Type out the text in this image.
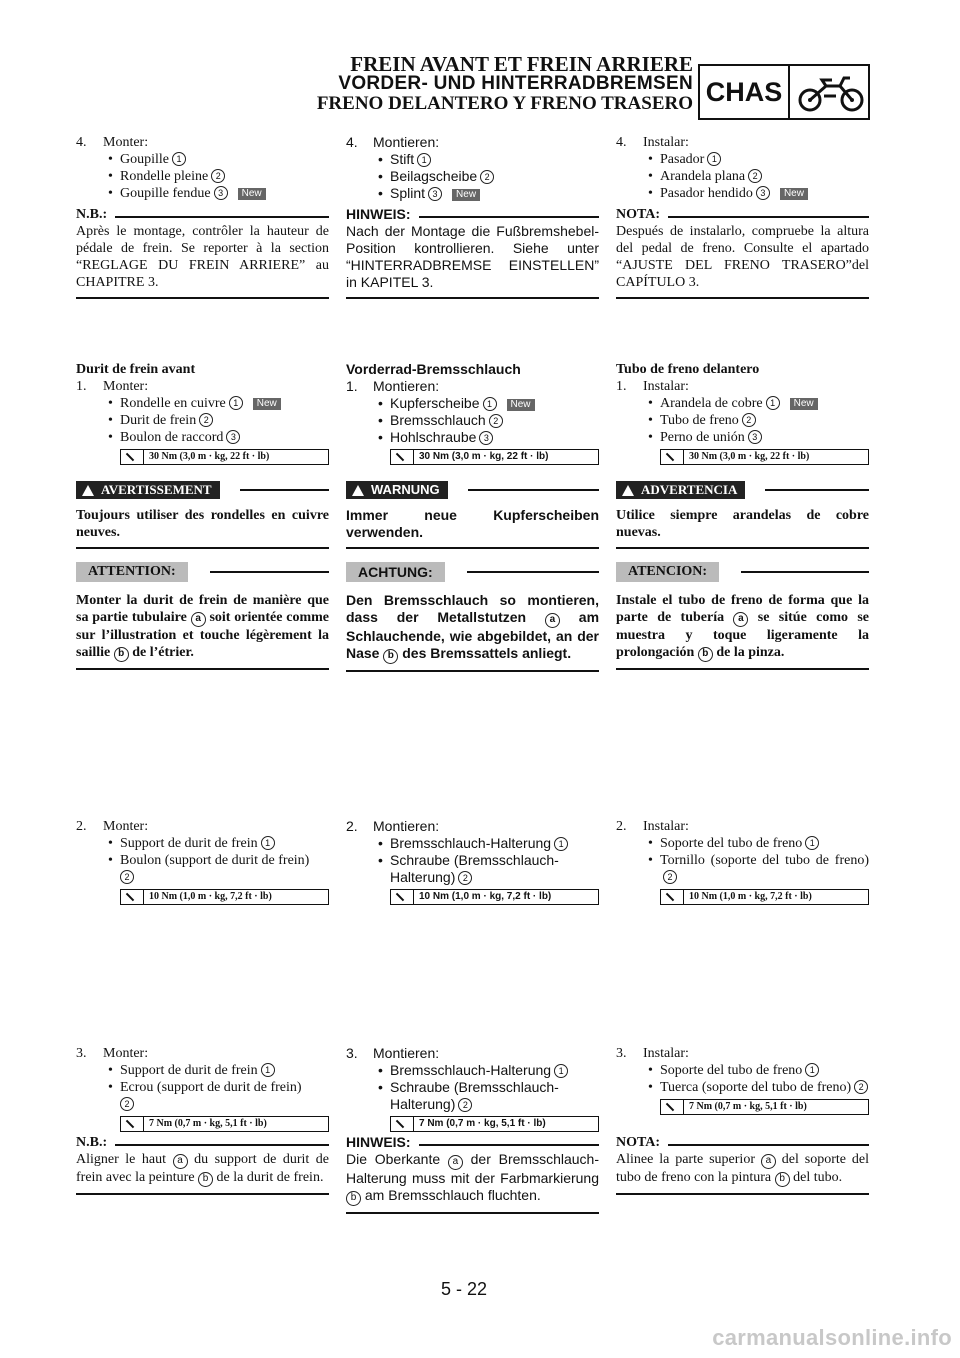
FREIN AVANT ET FREIN ARRIERE
VORDER- UND HINTERRADBREMSEN
FRENO DELANTERO Y FRENO TRASERO CHAS
4. Monter:
• Goupille 1
• Rondelle pleine 2
• Goupille fendue 3 New
N.B.:
Après le montage, contrôler la hauteur de pédale de frein. Se reporter à la section “REGLAGE DU FREIN ARRIERE” au CHAPITRE 3.
Durit de frein avant
1. Monter:
• Rondelle en cuivre 1 New
• Durit de frein 2
• Boulon de raccord 3
30 Nm (3,0 m · kg, 22 ft · lb)
AVERTISSEMENT
Toujours utiliser des rondelles en cuivre neuves.
ATTENTION:
Monter la durit de frein de manière que sa partie tubulaire a soit orientée comme sur l’illustration et touche légèrement la saillie b de l’étrier.
2. Monter:
• Support de durit de frein 1
• Boulon (support de durit de frein)
2
10 Nm (1,0 m · kg, 7,2 ft · lb)
3. Monter:
• Support de durit de frein 1
• Ecrou (support de durit de frein)
2
7 Nm (0,7 m · kg, 5,1 ft · lb)
N.B.:
Aligner le haut a du support de durit de frein avec la peinture b de la durit de frein.
4. Montieren:
• Stift 1
• Beilagscheibe 2
• Splint 3 New
HINWEIS:
Nach der Montage die Fußbremshebel-Position kontrollieren. Siehe unter “HINTERRADBREMSE EINSTELLEN” in KAPITEL 3.
Vorderrad-Bremsschlauch
1. Montieren:
• Kupferscheibe 1 New
• Bremsschlauch 2
• Hohlschraube 3
30 Nm (3,0 m · kg, 22 ft · lb)
WARNUNG
Immer neue Kupferscheiben verwenden.
ACHTUNG:
Den Bremsschlauch so montieren, dass der Metallstutzen a am Schlauchende, wie abgebildet, an der Nase b des Bremssattels anliegt.
2. Montieren:
• Bremsschlauch-Halterung 1
• Schraube (Bremsschlauch-Halterung) 2
10 Nm (1,0 m · kg, 7,2 ft · lb)
3. Montieren:
• Bremsschlauch-Halterung 1
• Schraube (Bremsschlauch-Halterung) 2
7 Nm (0,7 m · kg, 5,1 ft · lb)
HINWEIS:
Die Oberkante a der Bremsschlauch-Halterung muss mit der Farbmarkierung b am Bremsschlauch fluchten.
4. Instalar:
• Pasador 1
• Arandela plana 2
• Pasador hendido 3 New
NOTA:
Después de instalarlo, compruebe la altura del pedal de freno. Consulte el apartado “AJUSTE DEL FRENO TRASERO”del CAPÍTULO 3.
Tubo de freno delantero
1. Instalar:
• Arandela de cobre 1 New
• Tubo de freno 2
• Perno de unión 3
30 Nm (3,0 m · kg, 22 ft · lb)
ADVERTENCIA
Utilice siempre arandelas de cobre nuevas.
ATENCION:
Instale el tubo de freno de forma que la parte de tubería a se sitúe como se muestra y toque ligeramente la prolongación b de la pinza.
2. Instalar:
• Soporte del tubo de freno 1
• Tornillo (soporte del tubo de freno)2
10 Nm (1,0 m · kg, 7,2 ft · lb)
3. Instalar:
• Soporte del tubo de freno 1
• Tuerca (soporte del tubo de freno) 2
7 Nm (0,7 m · kg, 5,1 ft · lb)
NOTA:
Alinee la parte superior a del soporte del tubo de freno con la pintura b del tubo.
5 - 22
carmanualsonline.info
